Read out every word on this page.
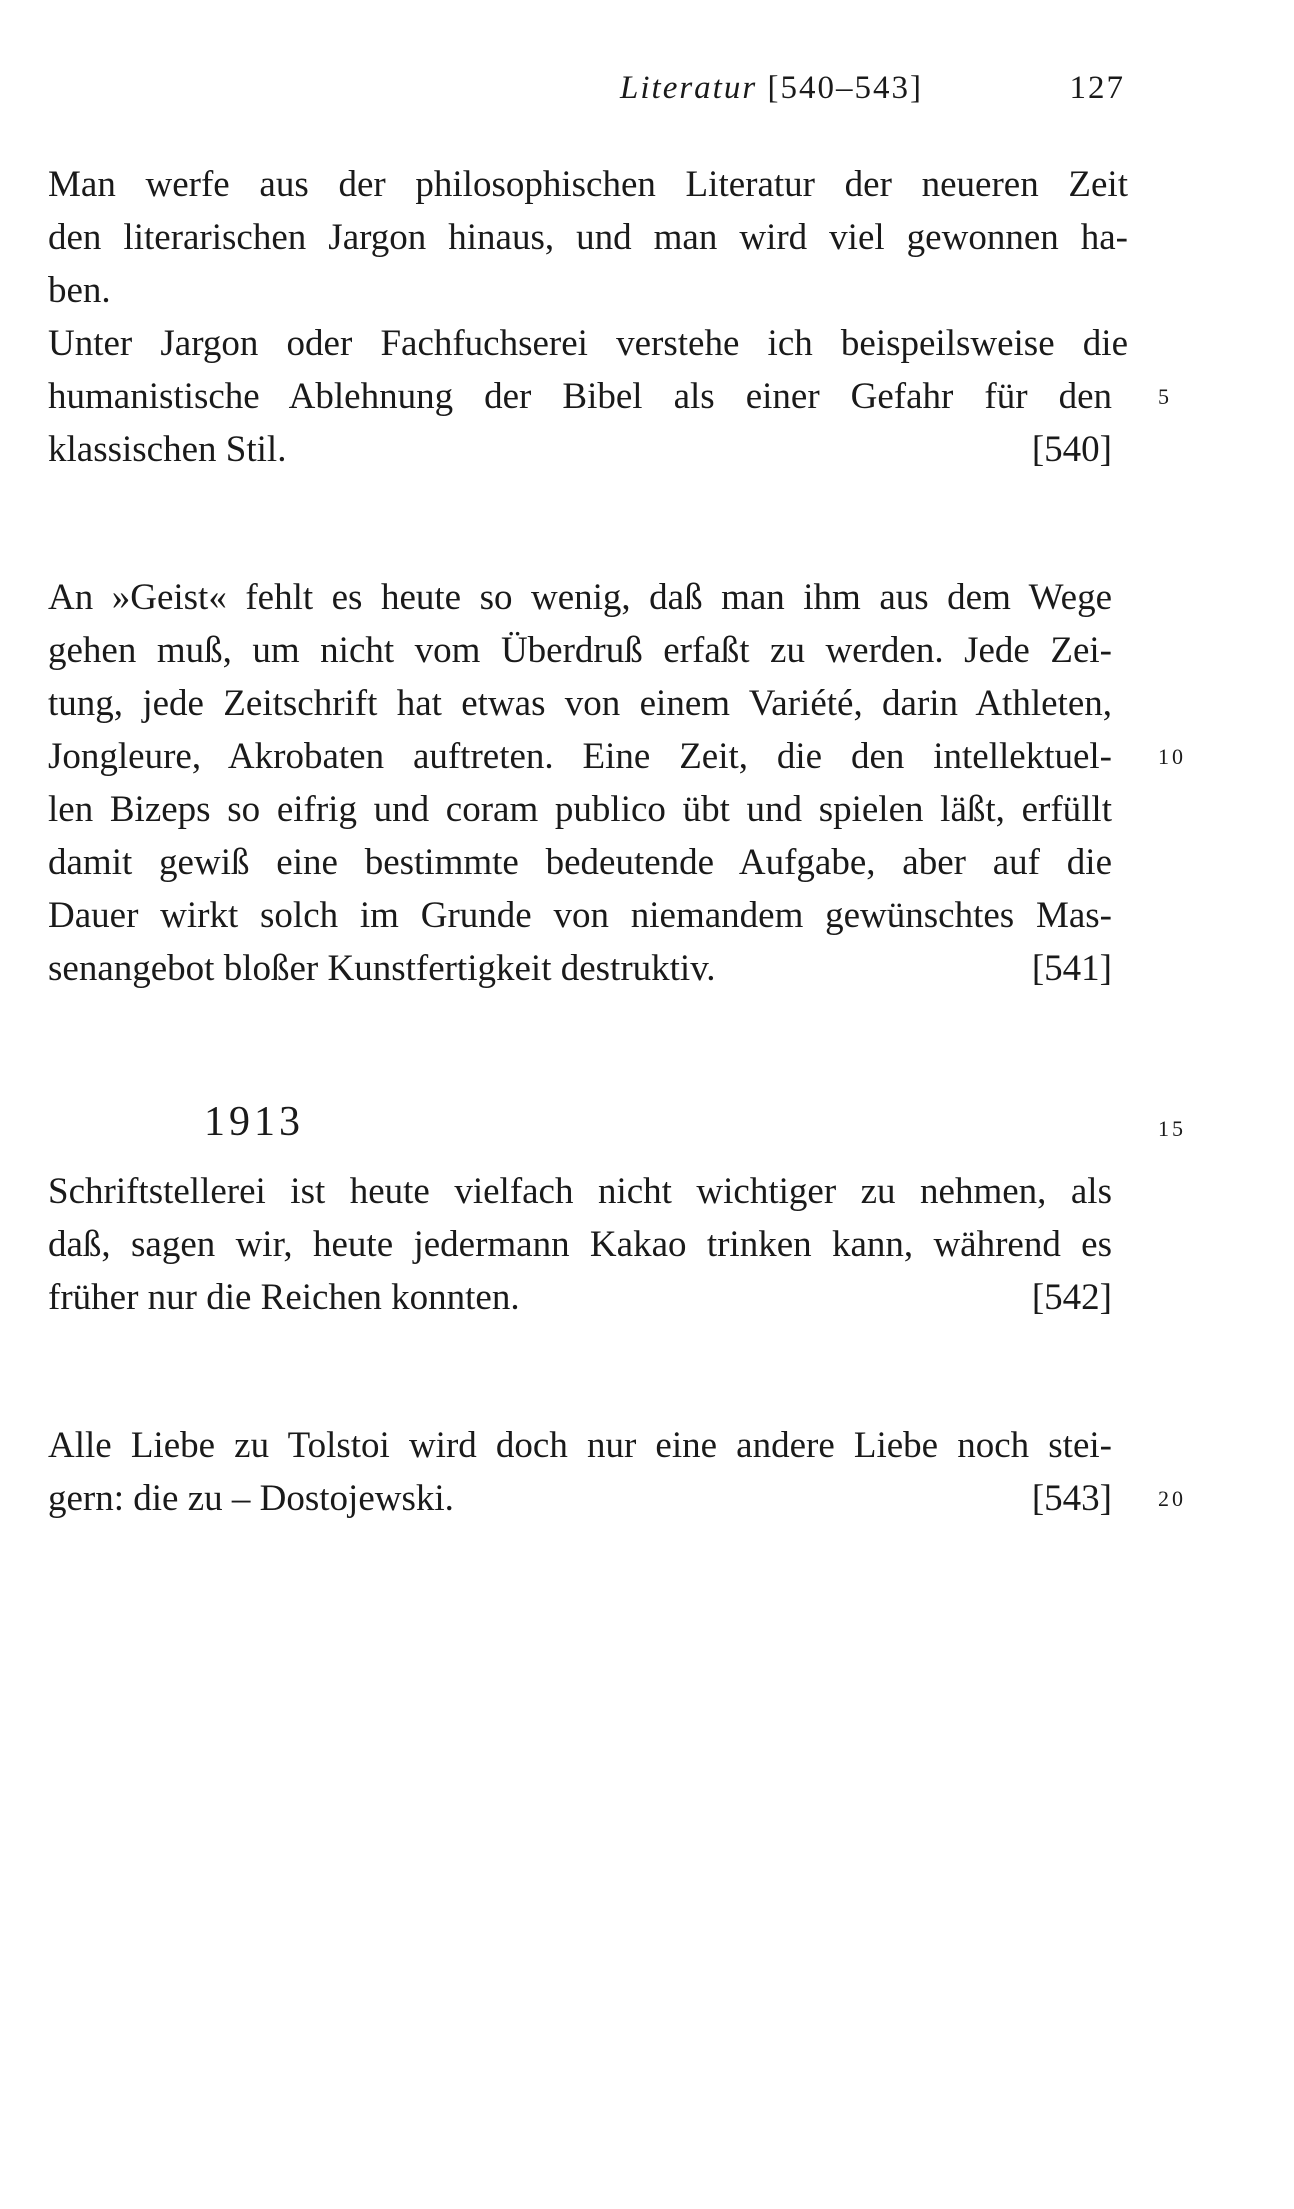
Literatur [540–543]	127
Man werfe aus der philosophischen Literatur der neueren Zeit
den literarischen Jargon hinaus, und man wird viel gewonnen ha-
ben.
Unter Jargon oder Fachfuchserei verstehe ich beispeilsweise die
humanistische Ablehnung der Bibel als einer Gefahr für den 5
klassischen Stil.	[540]
An »Geist« fehlt es heute so wenig, daß man ihm aus dem Wege
gehen muß, um nicht vom Überdruß erfaßt zu werden. Jede Zei-
tung, jede Zeitschrift hat etwas von einem Variété, darin Athleten,
Jongleure, Akrobaten auftreten. Eine Zeit, die den intellektuel- 10
len Bizeps so eifrig und coram publico übt und spielen läßt, erfüllt
damit gewiß eine bestimmte bedeutende Aufgabe, aber auf die
Dauer wirkt solch im Grunde von niemandem gewünschtes Mas-
senangebot bloßer Kunstfertigkeit destruktiv.	[541]
1913	15
Schriftstellerei ist heute vielfach nicht wichtiger zu nehmen, als
daß, sagen wir, heute jedermann Kakao trinken kann, während es
früher nur die Reichen konnten.	[542]
Alle Liebe zu Tolstoi wird doch nur eine andere Liebe noch stei-
gern: die zu – Dostojewski.	[543] 20
